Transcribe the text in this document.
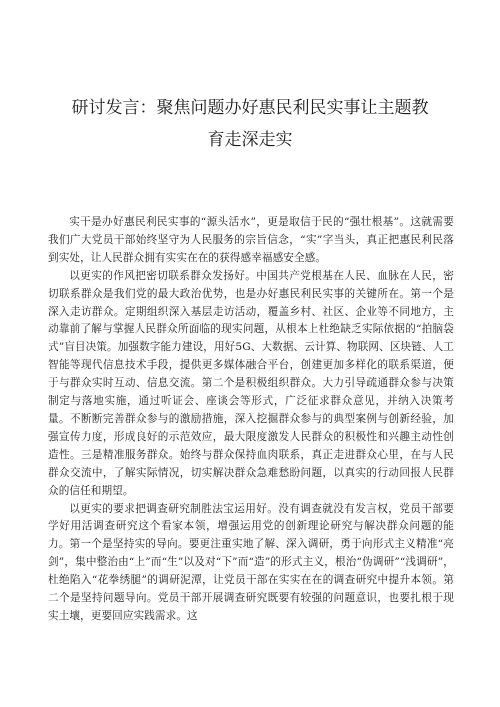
研讨发言：聚焦问题办好惠民利民实事让主题教
育走深走实

实干是办好惠民利民实事的“源头活水”，更是取信于民的“强壮根基”。这就需要我们广大党员干部始终坚守为人民服务的宗旨信念，“实”字当头，真正把惠民利民落到实处，让人民群众拥有实实在在的获得感幸福感安全感。

以更实的作风把密切联系群众发扬好。中国共产党根基在人民、血脉在人民，密切联系群众是我们党的最大政治优势，也是办好惠民利民实事的关键所在。第一个是深入走访群众。定期组织深入基层走访活动，覆盖乡村、社区、企业等不同地方，主动靠前了解与掌握人民群众所面临的现实问题，从根本上杜绝缺乏实际依据的“拍脑袋式”盲目决策。加强数字能力建设，用好5G、大数据、云计算、物联网、区块链、人工智能等现代信息技术手段，提供更多媒体融合平台，创建更加多样化的联系渠道，便于与群众实时互动、信息交流。第二个是积极组织群众。大力引导疏通群众参与决策制定与落地实施，通过听证会、座谈会等形式，广泛征求群众意见，并纳入决策考量。不断断完善群众参与的激励措施，深入挖掘群众参与的典型案例与创新经验，加强宣传力度，形成良好的示范效应，最大限度激发人民群众的积极性和兴趣主动性创造性。三是精准服务群众。始终与群众保持血肉联系，真正走进群众心里，在与人民群众交流中，了解实际情况，切实解决群众急难愁盼问题，以真实的行动回报人民群众的信任和期望。

以更实的要求把调查研究制胜法宝运用好。没有调查就没有发言权，党员干部要学好用活调查研究这个看家本领，增强运用党的创新理论研究与解决群众问题的能力。第一个是坚持实的导向。要更注重实地了解、深入调研，勇于向形式主义精准“亮剑”，集中整治由“上”而“生”以及对“下”而“造”的形式主义，根治“伪调研”“浅调研”，杜绝陷入“花拳绣腿”的调研泥潭，让党员干部在实实在在的调查研究中提升本领。第二个是坚持问题导向。党员干部开展调查研究既要有较强的问题意识，也要扎根于现实土壤，更要回应实践需求。这
